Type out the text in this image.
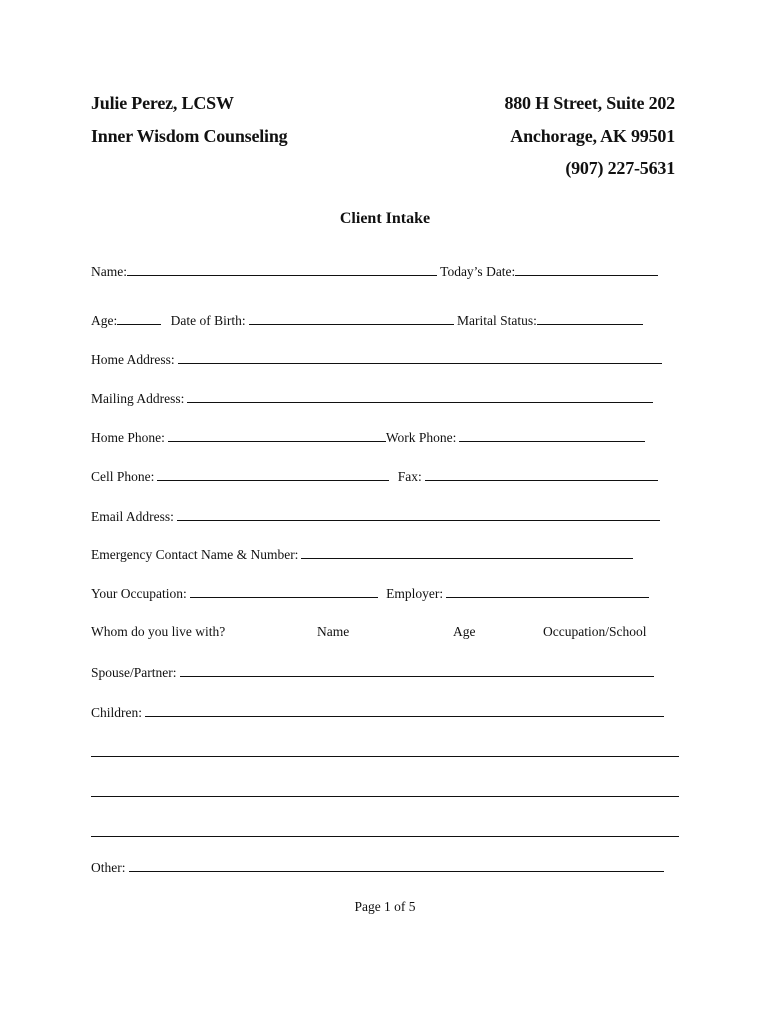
Julie Perez, LCSW
Inner Wisdom Counseling
880 H Street, Suite 202
Anchorage, AK 99501
(907) 227-5631
Client Intake
Name:	Today’s Date:
Age:	Date of Birth:	Marital Status:
Home Address:
Mailing Address:
Home Phone:	Work Phone:
Cell Phone:	Fax:
Email Address:
Emergency Contact Name & Number:
Your Occupation:	Employer:
Whom do you live with?	Name	Age	Occupation/School
Spouse/Partner:
Children:
Other:
Page 1 of 5
